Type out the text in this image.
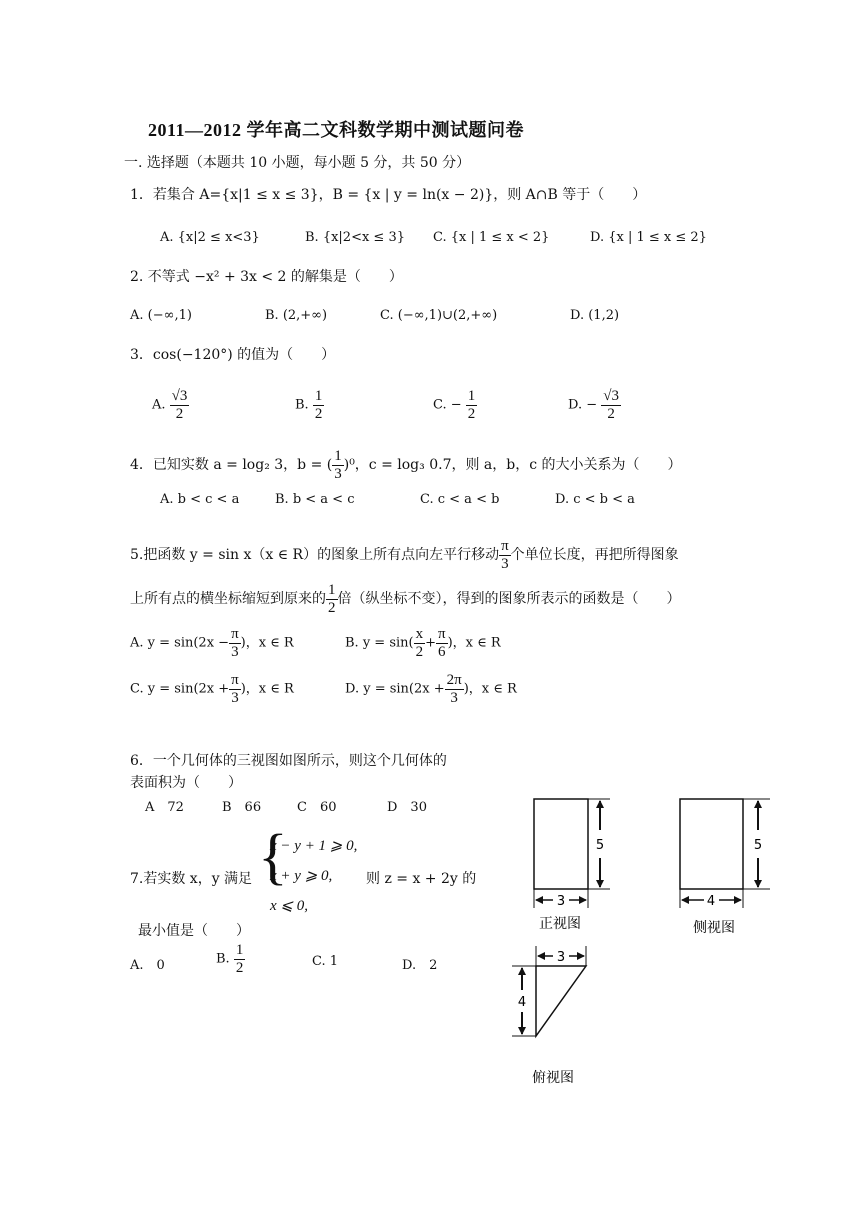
2011—2012 学年高二文科数学期中测试题问卷
一. 选择题（本题共 10 小题，每小题 5 分，共 50 分）
1．若集合 A={x|1 ≤ x ≤ 3}，B = {x | y = ln(x − 2)}，则 A∩B 等于（　　）
A. {x|2 ≤ x<3}	B. {x|2<x ≤ 3} C. {x | 1 ≤ x < 2}	D. {x | 1 ≤ x ≤ 2}
2. 不等式 −x² + 3x < 2 的解集是（　　）
A. (−∞,1)	B. (2,+∞)	C. (−∞,1)∪(2,+∞)	D. (1,2)
3．cos(−120°) 的值为（　　）
A. $\frac{√3}{2}$	B. $\frac{1}{2}$	C. − $\frac{1}{2}$	D. − $\frac{√3}{2}$
4．已知实数 a = log₂ 3，b = ( $\frac{1}{3} )^0$，c = log₃ 0.7，则 a，b，c 的大小关系为（　　）
A. b < c < a	B. b < a < c	C. c < a < b	D. c < b < a
5.把函数 y = sin x（x ∈ R）的图象上所有点向左平行移动 $\frac{\pi}{3}$ 个单位长度，再把所得图象
上所有点的横坐标缩短到原来的 $\frac{1}{2}$ 倍（纵坐标不变），得到的图象所表示的函数是（　　）
A. $y = \sin(2x - \frac{\pi}{3}$ )，x ∈ R	B. $y = \sin( \frac{x}{2} + \frac{\pi}{6}$ )，x ∈ R
C. $y = \sin(2x + \frac{\pi}{3}$ )，x ∈ R	D. $y = \sin(2x + \frac{2\pi}{3}$ )，x ∈ R
6．一个几何体的三视图如图所示，则这个几何体的
表面积为（　　）
A　72	B　66	C　60	D　30
7.若实数 x，y 满足 {
x − y + 1 ⩾ 0,
x + y ⩾ 0,
x ⩽ 0,
则 z = x + 2y 的
最小值是（　　）
A.　0	B. $\frac{1}{2}$	C. 1	D.　2
5
3
正视图
5
4
侧视图
3
4
俯视图
